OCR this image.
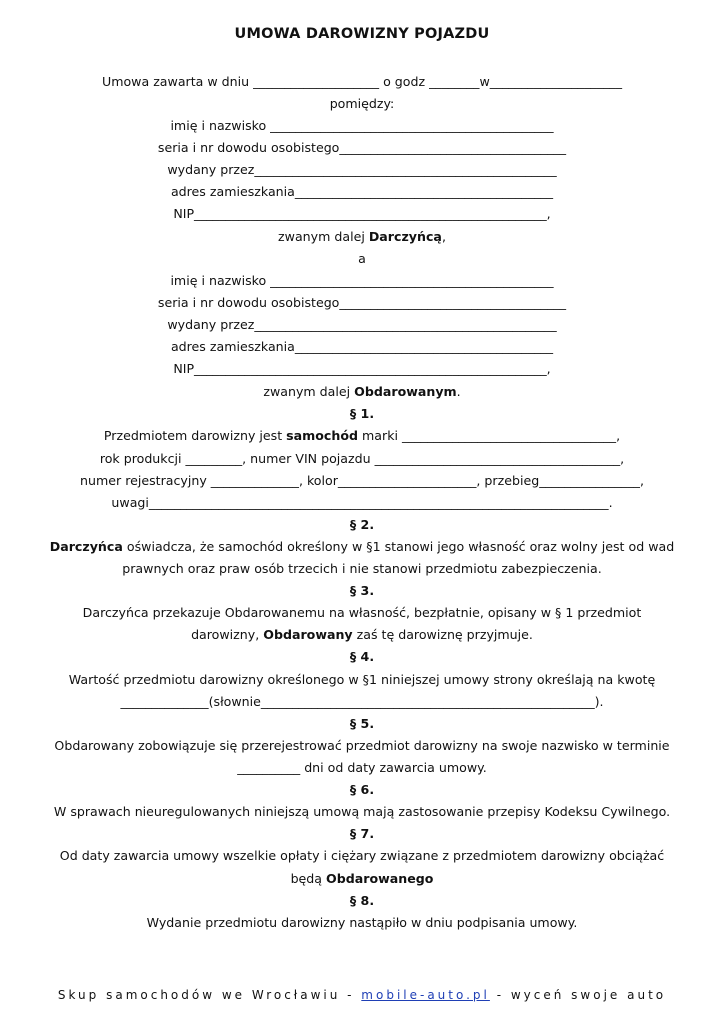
UMOWA DAROWIZNY POJAZDU
Umowa zawarta w dniu ____________________ o godz ________w_____________________
pomiędzy:
imię i nazwisko _____________________________________________
seria i nr dowodu osobistego____________________________________
wydany przez________________________________________________
adres zamieszkania_________________________________________
NIP________________________________________________________,
zwanym dalej Darczyńcą,
a
imię i nazwisko _____________________________________________
seria i nr dowodu osobistego____________________________________
wydany przez________________________________________________
adres zamieszkania_________________________________________
NIP________________________________________________________,
zwanym dalej Obdarowanym.
§ 1.
Przedmiotem darowizny jest samochód marki __________________________________,
rok produkcji _________, numer VIN pojazdu _______________________________________,
numer rejestracyjny ______________, kolor______________________, przebieg________________,
uwagi_________________________________________________________________________.
§ 2.
Darczyńca oświadcza, że samochód określony w §1 stanowi jego własność oraz wolny jest od wad
prawnych oraz praw osób trzecich i nie stanowi przedmiotu zabezpieczenia.
§ 3.
Darczyńca przekazuje Obdarowanemu na własność, bezpłatnie, opisany w § 1 przedmiot
darowizny, Obdarowany zaś tę darowiznę przyjmuje.
§ 4.
Wartość przedmiotu darowizny określonego w §1 niniejszej umowy strony określają na kwotę
______________(słownie_____________________________________________________).
§ 5.
Obdarowany zobowiązuje się przerejestrować przedmiot darowizny na swoje nazwisko w terminie
__________ dni od daty zawarcia umowy.
§ 6.
W sprawach nieuregulowanych niniejszą umową mają zastosowanie przepisy Kodeksu Cywilnego.
§ 7.
Od daty zawarcia umowy wszelkie opłaty i ciężary związane z przedmiotem darowizny obciążać
będą Obdarowanego
§ 8.
Wydanie przedmiotu darowizny nastąpiło w dniu podpisania umowy.
Skup samochodów we Wrocławiu - mobile-auto.pl - wyceń swoje auto
